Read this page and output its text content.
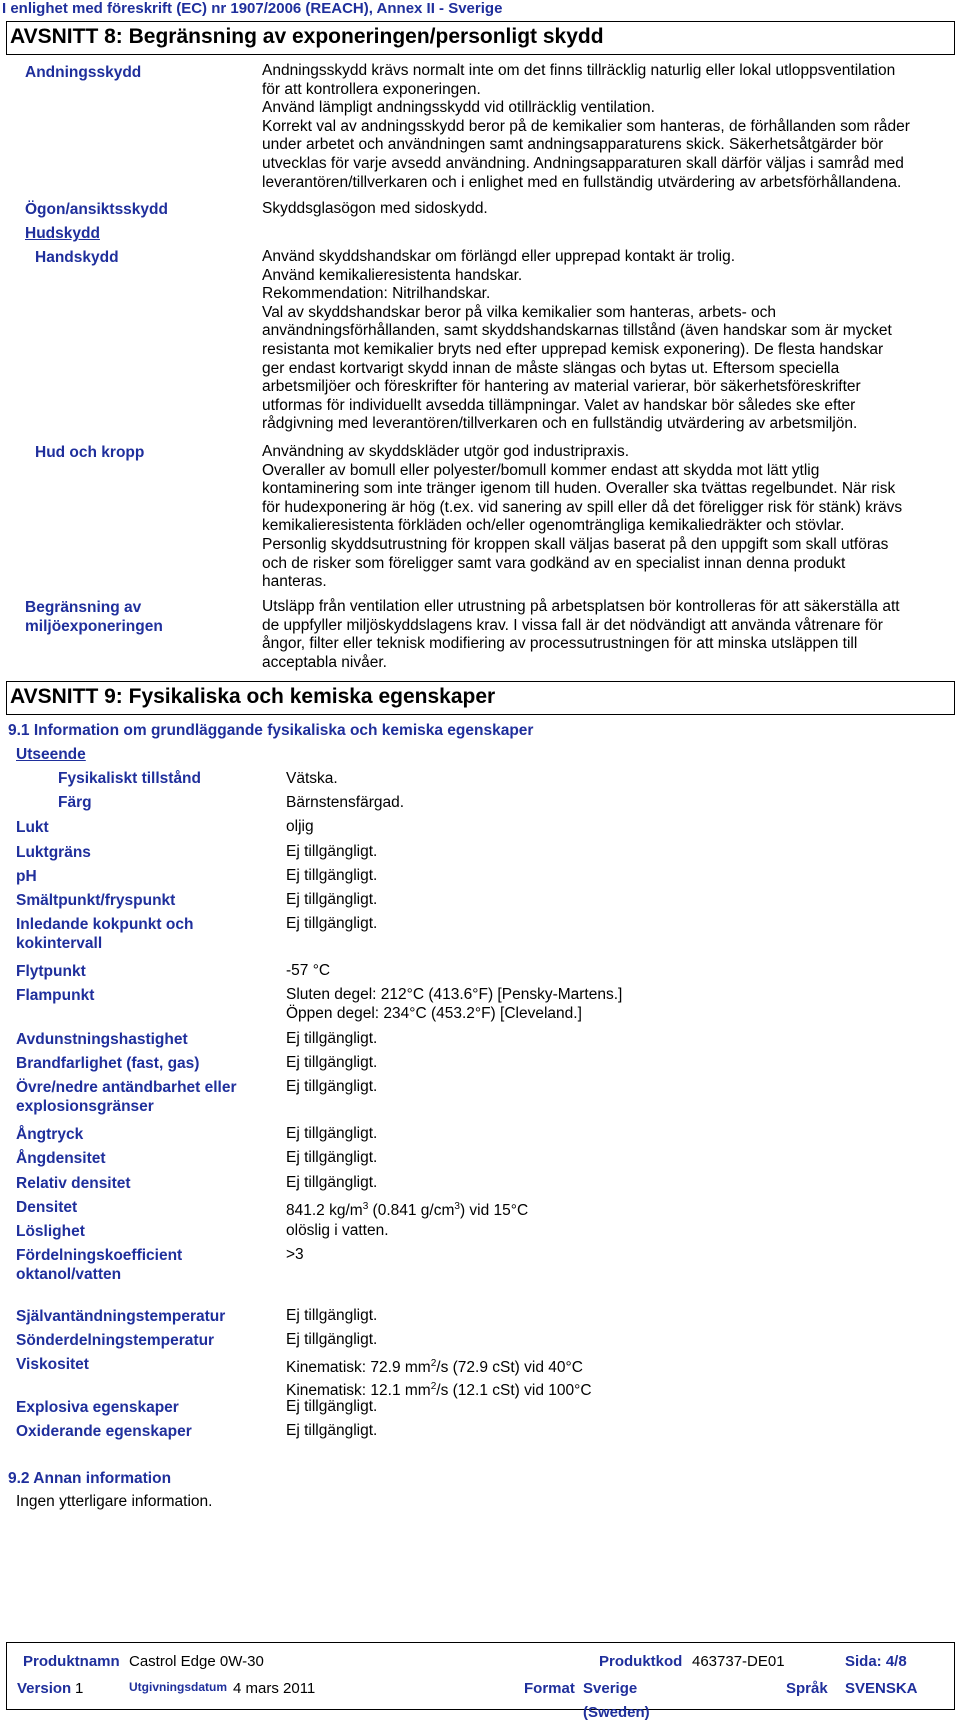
I enlighet med föreskrift (EC) nr 1907/2006 (REACH), Annex II - Sverige
AVSNITT 8: Begränsning av exponeringen/personligt skydd
Andningsskydd	Andningsskydd krävs normalt inte om det finns tillräcklig naturlig eller lokal utloppsventilation
för att kontrollera exponeringen.
Använd lämpligt andningsskydd vid otillräcklig ventilation.
Korrekt val av andningsskydd beror på de kemikalier som hanteras, de förhållanden som råder
under arbetet och användningen samt andningsapparaturens skick. Säkerhetsåtgärder bör
utvecklas för varje avsedd användning. Andningsapparaturen skall därför väljas i samråd med
leverantören/tillverkaren och i enlighet med en fullständig utvärdering av arbetsförhållandena.
Ögon/ansiktsskydd	Skyddsglasögon med sidoskydd.
Hudskydd
Handskydd	Använd skyddshandskar om förlängd eller upprepad kontakt är trolig.
Använd kemikalieresistenta handskar.
Rekommendation: Nitrilhandskar.
Val av skyddshandskar beror på vilka kemikalier som hanteras, arbets- och
användningsförhållanden, samt skyddshandskarnas tillstånd (även handskar som är mycket
resistanta mot kemikalier bryts ned efter upprepad kemisk exponering). De flesta handskar
ger endast kortvarigt skydd innan de måste slängas och bytas ut. Eftersom speciella
arbetsmiljöer och föreskrifter för hantering av material varierar, bör säkerhetsföreskrifter
utformas för individuellt avsedda tillämpningar. Valet av handskar bör således ske efter
rådgivning med leverantören/tillverkaren och en fullständig utvärdering av arbetsmiljön.
Hud och kropp	Användning av skyddskläder utgör god industripraxis.
Overaller av bomull eller polyester/bomull kommer endast att skydda mot lätt ytlig
kontaminering som inte tränger igenom till huden. Overaller ska tvättas regelbundet. När risk
för hudexponering är hög (t.ex. vid sanering av spill eller då det föreligger risk för stänk) krävs
kemikalieresistenta förkläden och/eller ogenomträngliga kemikaliedräkter och stövlar.
Personlig skyddsutrustning för kroppen skall väljas baserat på den uppgift som skall utföras
och de risker som föreligger samt vara godkänd av en specialist innan denna produkt
hanteras.
Begränsning av
miljöexponeringen
Utsläpp från ventilation eller utrustning på arbetsplatsen bör kontrolleras för att säkerställa att
de uppfyller miljöskyddslagens krav. I vissa fall är det nödvändigt att använda våtrenare för
ångor, filter eller teknisk modifiering av processutrustningen för att minska utsläppen till
acceptabla nivåer.
AVSNITT 9: Fysikaliska och kemiska egenskaper
9.1 Information om grundläggande fysikaliska och kemiska egenskaper
Utseende
Fysikaliskt tillstånd	Vätska.
Färg	Bärnstensfärgad.
Lukt	oljig
Luktgräns	Ej tillgängligt.
pH	Ej tillgängligt.
Smältpunkt/fryspunkt	Ej tillgängligt.
Inledande kokpunkt och
kokintervall
Ej tillgängligt.
Flytpunkt	-57 °C
Flampunkt	Sluten degel: 212°C (413.6°F) [Pensky-Martens.]
Öppen degel: 234°C (453.2°F) [Cleveland.]
Avdunstningshastighet	Ej tillgängligt.
Brandfarlighet (fast, gas)	Ej tillgängligt.
Övre/nedre antändbarhet eller
explosionsgränser
Ej tillgängligt.
Ångtryck	Ej tillgängligt.
Ångdensitet	Ej tillgängligt.
Relativ densitet	Ej tillgängligt.
Densitet	841.2 $kg/m^3$ (0.841 $g/cm^3$) vid 15°C
Löslighet	olöslig i vatten.
Fördelningskoefficient
oktanol/vatten
>3
Självantändningstemperatur	Ej tillgängligt.
Sönderdelningstemperatur	Ej tillgängligt.
Viskositet	Kinematisk: 72.9 $mm^2/s$ (72.9 cSt) vid 40°C
Kinematisk: 12.1 $mm^2/s$ (12.1 cSt) vid 100°C
Explosiva egenskaper	Ej tillgängligt.
Oxiderande egenskaper	Ej tillgängligt.
9.2 Annan information
Ingen ytterligare information.
Produktnamn Castrol Edge 0W-30	Produktkod 463737-DE01	Sida: 4/8
Version 1	Utgivningsdatum 4 mars 2011	Format Sverige
(Sweden)
Språk SVENSKA
